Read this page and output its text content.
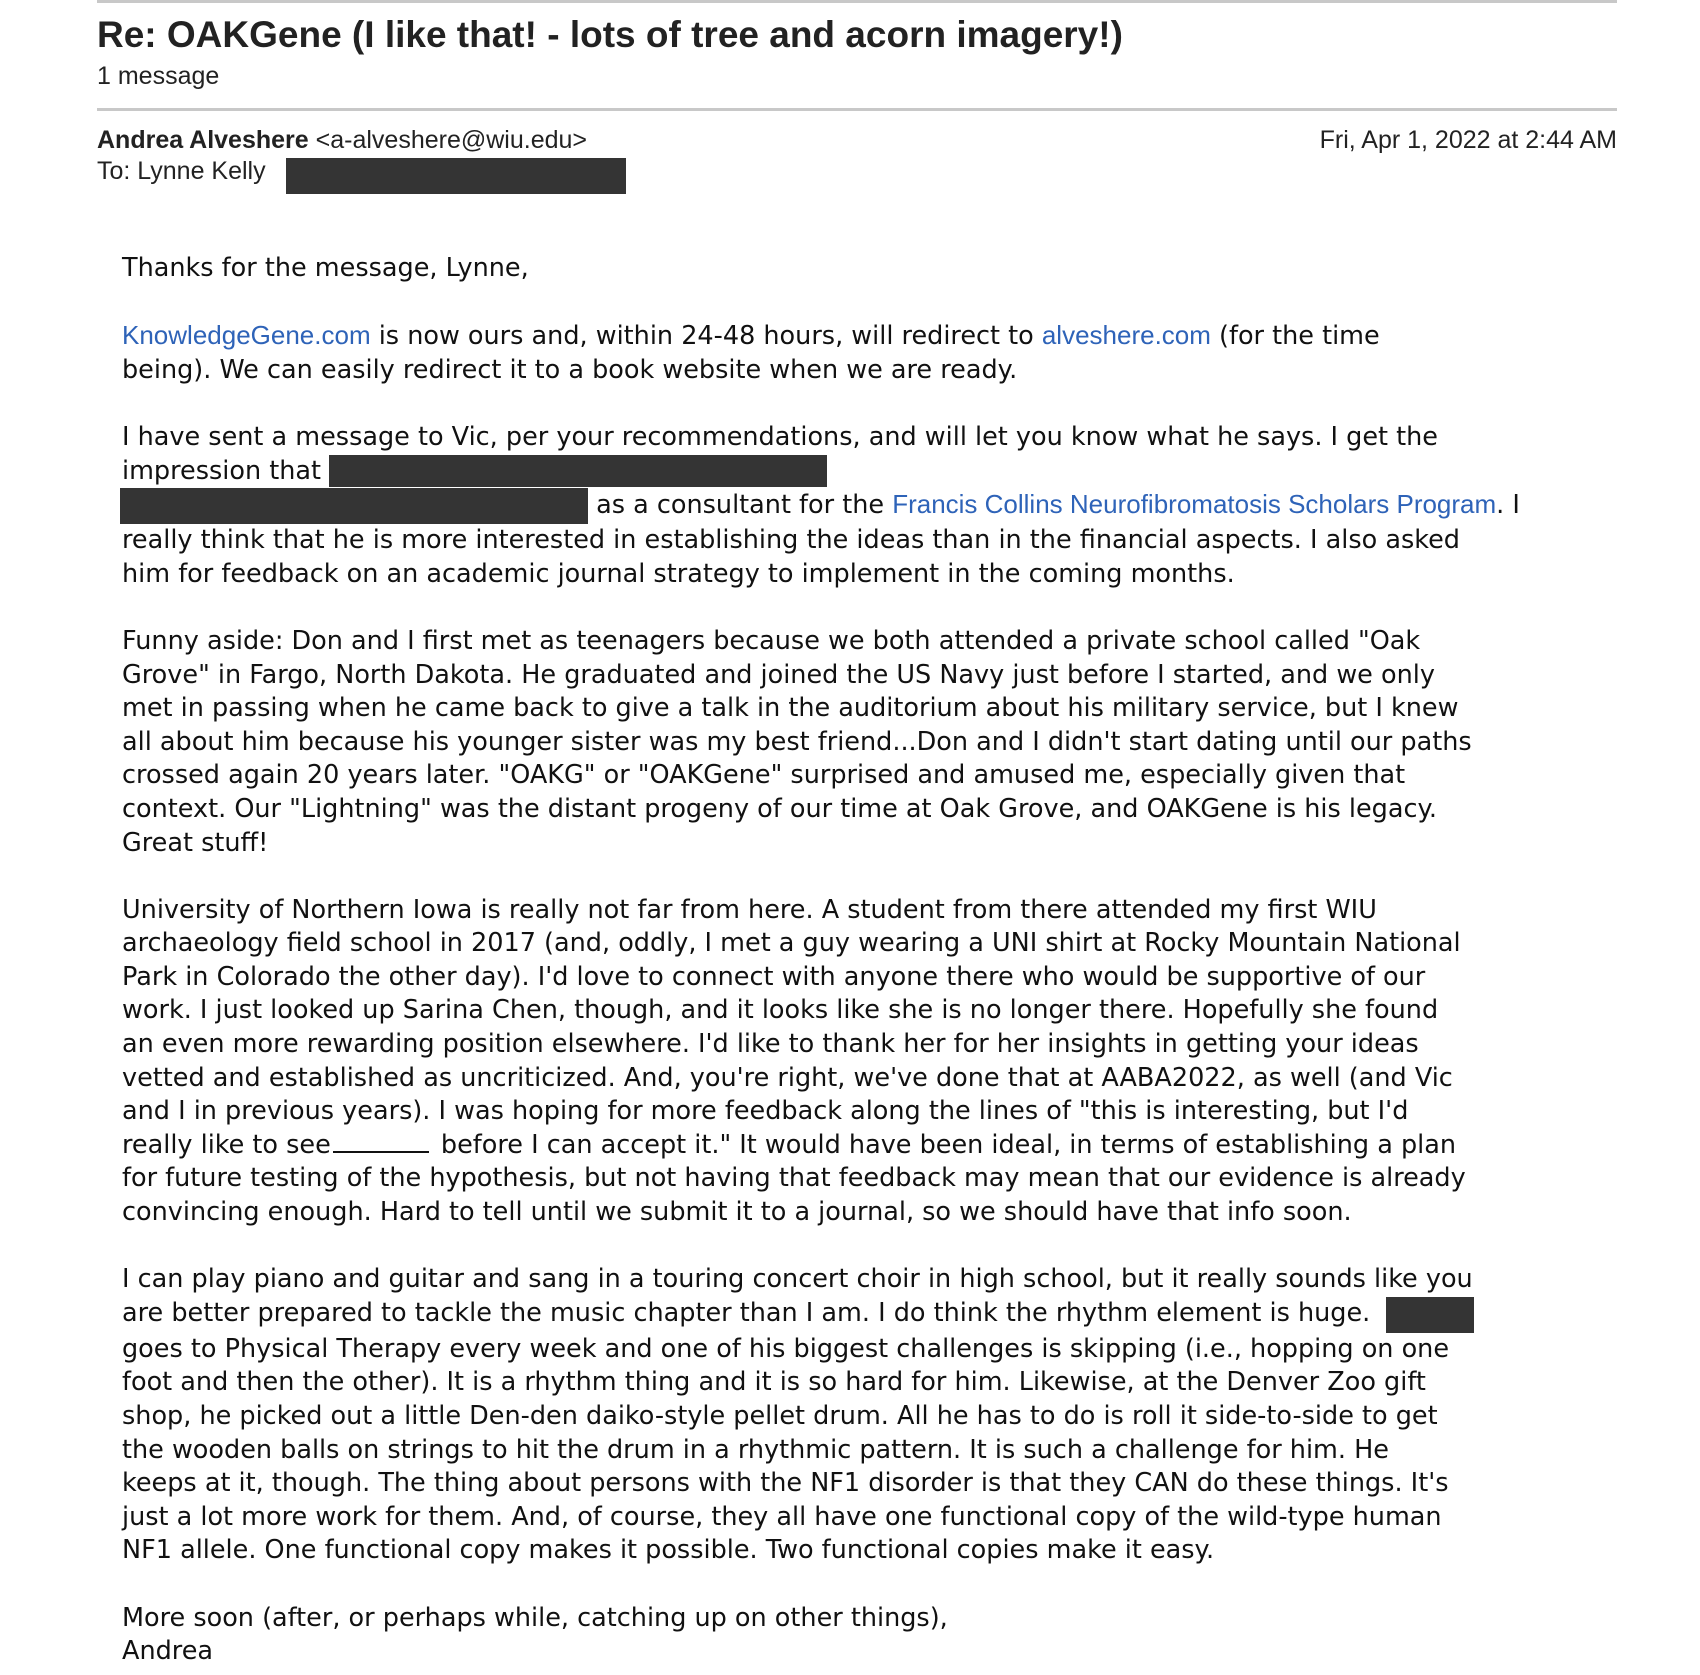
Re: OAKGene (I like that! - lots of tree and acorn imagery!)
1 message
Andrea Alveshere <a-alveshere@wiu.edu>	Fri, Apr 1, 2022 at 2:44 AM
To: Lynne Kelly

Thanks for the message, Lynne,

KnowledgeGene.com is now ours and, within 24-48 hours, will redirect to alveshere.com (for the time

being). We can easily redirect it to a book website when we are ready.

I have sent a message to Vic, per your recommendations, and will let you know what he says. I get the

impression that

as a consultant for the Francis Collins Neurofibromatosis Scholars Program. I

really think that he is more interested in establishing the ideas than in the financial aspects. I also asked

him for feedback on an academic journal strategy to implement in the coming months.

Funny aside: Don and I first met as teenagers because we both attended a private school called "Oak

Grove" in Fargo, North Dakota. He graduated and joined the US Navy just before I started, and we only

met in passing when he came back to give a talk in the auditorium about his military service, but I knew

all about him because his younger sister was my best friend...Don and I didn't start dating until our paths

crossed again 20 years later. "OAKG" or "OAKGene" surprised and amused me, especially given that

context. Our "Lightning" was the distant progeny of our time at Oak Grove, and OAKGene is his legacy.

Great stuff!

University of Northern Iowa is really not far from here. A student from there attended my first WIU

archaeology field school in 2017 (and, oddly, I met a guy wearing a UNI shirt at Rocky Mountain National

Park in Colorado the other day). I'd love to connect with anyone there who would be supportive of our

work. I just looked up Sarina Chen, though, and it looks like she is no longer there. Hopefully she found

an even more rewarding position elsewhere. I'd like to thank her for her insights in getting your ideas

vetted and established as uncriticized. And, you're right, we've done that at AABA2022, as well (and Vic

and I in previous years). I was hoping for more feedback along the lines of "this is interesting, but I'd

really like to see	before I can accept it." It would have been ideal, in terms of establishing a plan

for future testing of the hypothesis, but not having that feedback may mean that our evidence is already

convincing enough. Hard to tell until we submit it to a journal, so we should have that info soon.

I can play piano and guitar and sang in a touring concert choir in high school, but it really sounds like you

are better prepared to tackle the music chapter than I am. I do think the rhythm element is huge.

goes to Physical Therapy every week and one of his biggest challenges is skipping (i.e., hopping on one

foot and then the other). It is a rhythm thing and it is so hard for him. Likewise, at the Denver Zoo gift

shop, he picked out a little Den-den daiko-style pellet drum. All he has to do is roll it side-to-side to get

the wooden balls on strings to hit the drum in a rhythmic pattern. It is such a challenge for him. He

keeps at it, though. The thing about persons with the NF1 disorder is that they CAN do these things. It's

just a lot more work for them. And, of course, they all have one functional copy of the wild-type human

NF1 allele. One functional copy makes it possible. Two functional copies make it easy.

More soon (after, or perhaps while, catching up on other things),

Andrea
